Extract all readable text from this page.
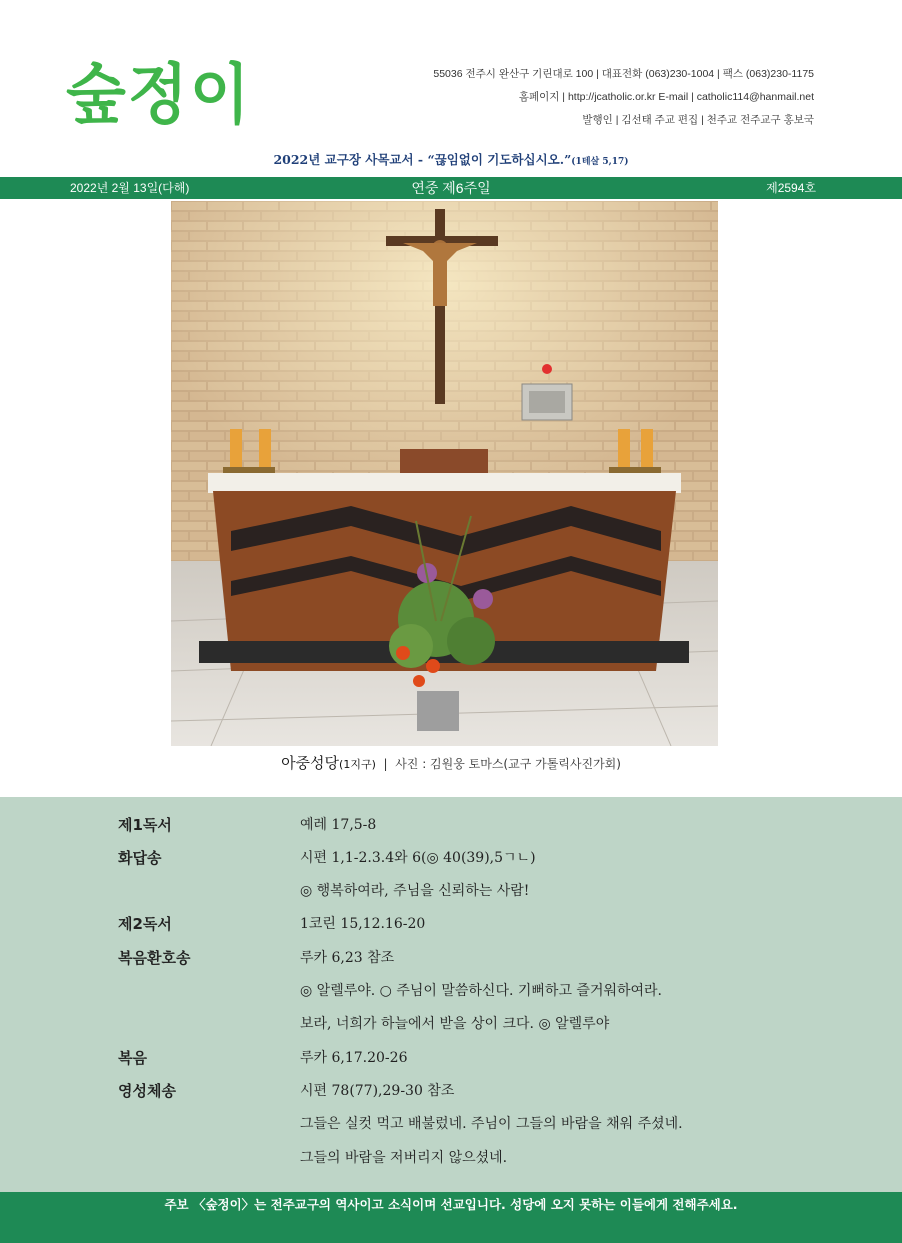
숲정이	55036 전주시 완산구 기린대로 100 | 대표전화 (063)230-1004 | 팩스 (063)230-1175
홈페이지 | http://jcatholic.or.kr E-mail | catholic114@hanmail.net
발행인 | 김선태 주교 편집 | 천주교 전주교구 홍보국
2022년 교구장 사목교서 - “끊임없이 기도하십시오.”(1테살 5,17)
2022년 2월 13일(다해)	연중 제6주일	제2594호
아중성당(1지구) | 사진 : 김원웅 토마스(교구 가톨릭사진가회)
제1독서	예레 17,5-8
화답송	시편 1,1-2.3.4와 6(◎ 40(39),5ㄱㄴ)
◎ 행복하여라, 주님을 신뢰하는 사람!
제2독서	1코린 15,12.16-20
복음환호송	루카 6,23 참조
◎ 알렐루야. ○ 주님이 말씀하신다. 기뻐하고 즐거워하여라.
보라, 너희가 하늘에서 받을 상이 크다. ◎ 알렐루야
복음	루카 6,17.20-26
영성체송	시편 78(77),29-30 참조
그들은 실컷 먹고 배불렀네. 주님이 그들의 바람을 채워 주셨네.
그들의 바람을 저버리지 않으셨네.
주보 〈숲정이〉는 전주교구의 역사이고 소식이며 선교입니다. 성당에 오지 못하는 이들에게 전해주세요.
